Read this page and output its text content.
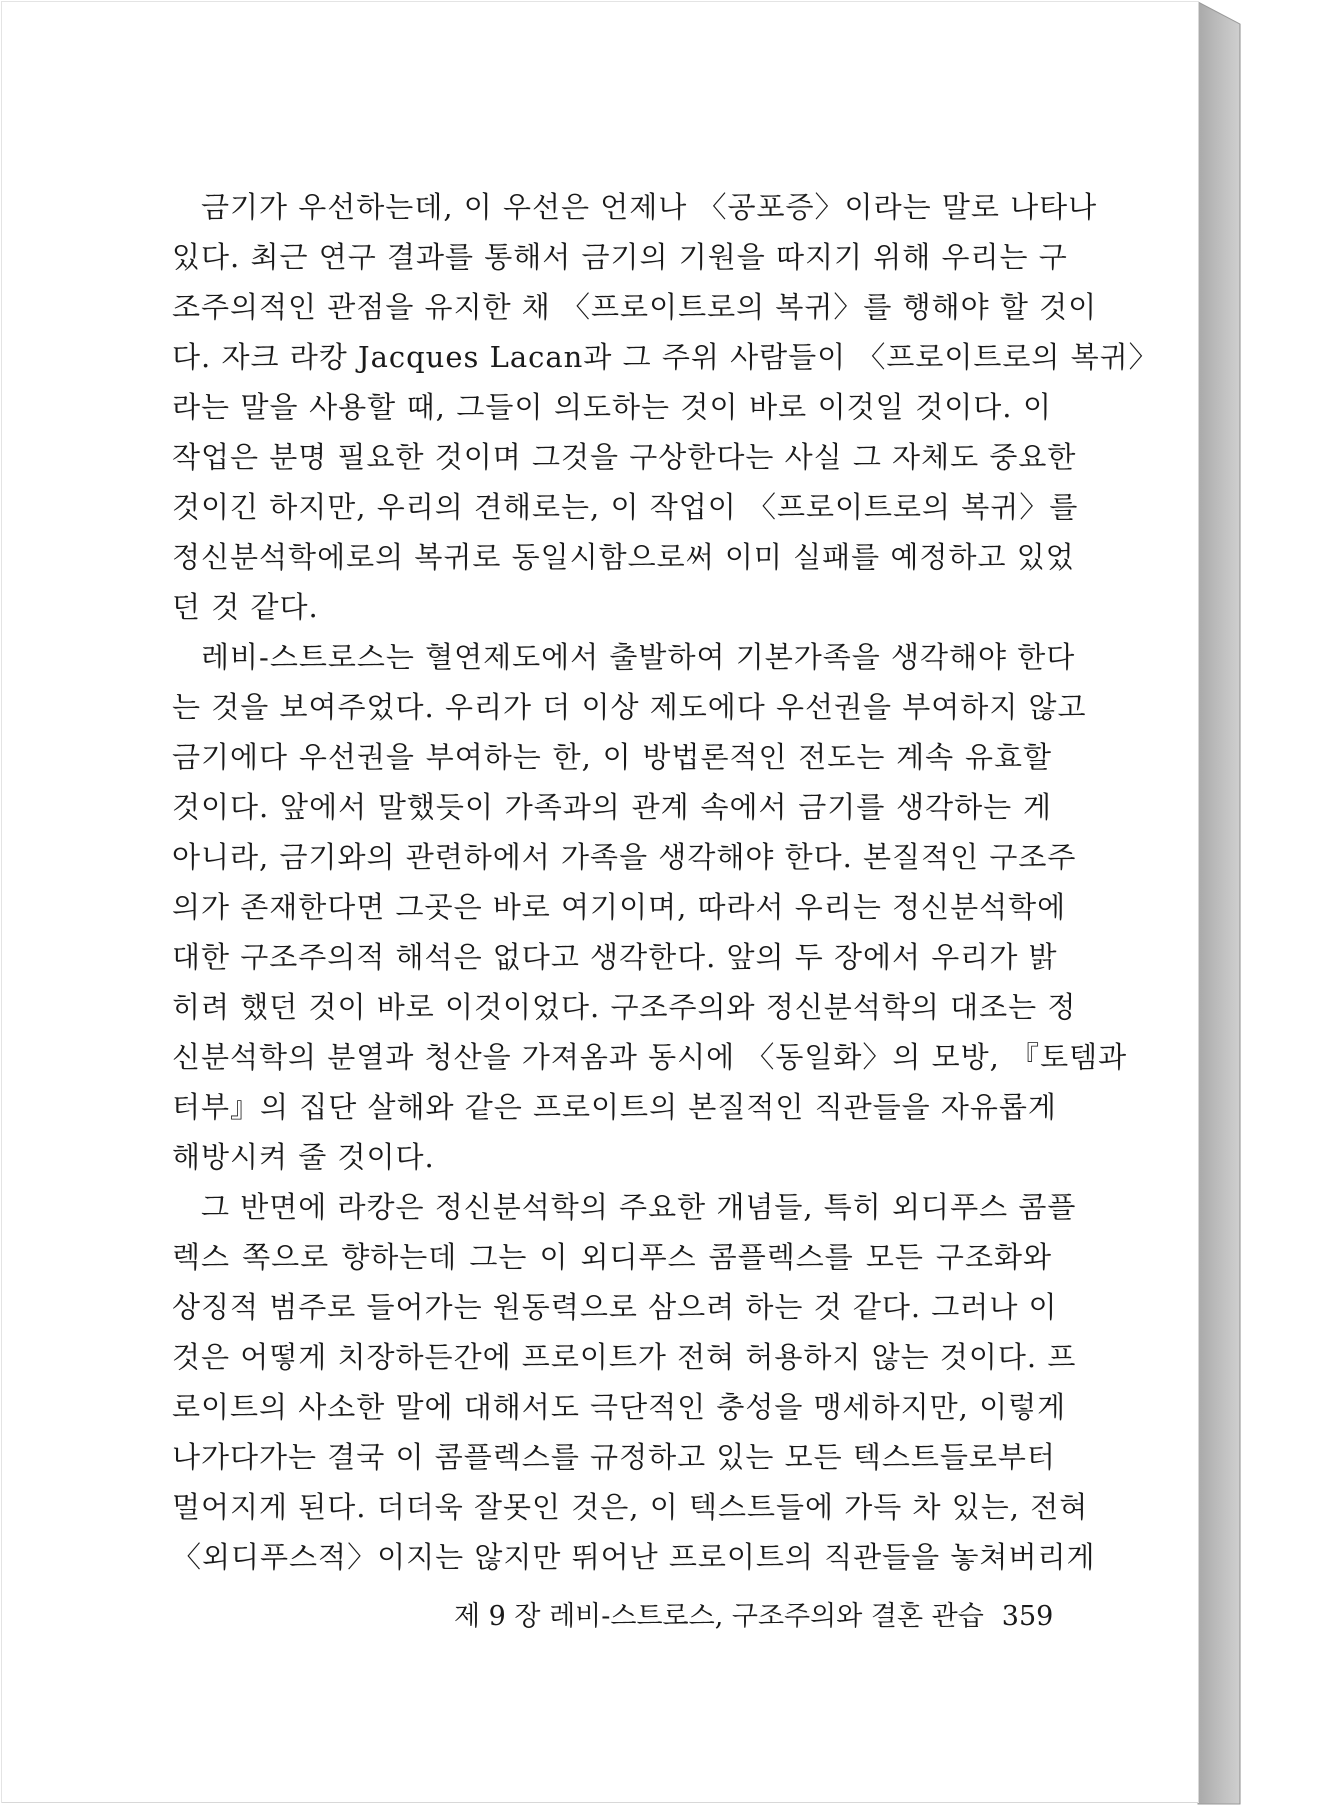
금기가 우선하는데, 이 우선은 언제나 〈공포증〉이라는 말로 나타나
있다. 최근 연구 결과를 통해서 금기의 기원을 따지기 위해 우리는 구
조주의적인 관점을 유지한 채 〈프로이트로의 복귀〉를 행해야 할 것이
다. 자크 라캉 Jacques Lacan과 그 주위 사람들이 〈프로이트로의 복귀〉
라는 말을 사용할 때, 그들이 의도하는 것이 바로 이것일 것이다. 이
작업은 분명 필요한 것이며 그것을 구상한다는 사실 그 자체도 중요한
것이긴 하지만, 우리의 견해로는, 이 작업이 〈프로이트로의 복귀〉를
정신분석학에로의 복귀로 동일시함으로써 이미 실패를 예정하고 있었
던 것 같다.
레비-스트로스는 혈연제도에서 출발하여 기본가족을 생각해야 한다
는 것을 보여주었다. 우리가 더 이상 제도에다 우선권을 부여하지 않고
금기에다 우선권을 부여하는 한, 이 방법론적인 전도는 계속 유효할
것이다. 앞에서 말했듯이 가족과의 관계 속에서 금기를 생각하는 게
아니라, 금기와의 관련하에서 가족을 생각해야 한다. 본질적인 구조주
의가 존재한다면 그곳은 바로 여기이며, 따라서 우리는 정신분석학에
대한 구조주의적 해석은 없다고 생각한다. 앞의 두 장에서 우리가 밝
히려 했던 것이 바로 이것이었다. 구조주의와 정신분석학의 대조는 정
신분석학의 분열과 청산을 가져옴과 동시에 〈동일화〉의 모방, 『토템과
터부』의 집단 살해와 같은 프로이트의 본질적인 직관들을 자유롭게
해방시켜 줄 것이다.
그 반면에 라캉은 정신분석학의 주요한 개념들, 특히 외디푸스 콤플
렉스 쪽으로 향하는데 그는 이 외디푸스 콤플렉스를 모든 구조화와
상징적 범주로 들어가는 원동력으로 삼으려 하는 것 같다. 그러나 이
것은 어떻게 치장하든간에 프로이트가 전혀 허용하지 않는 것이다. 프
로이트의 사소한 말에 대해서도 극단적인 충성을 맹세하지만, 이렇게
나가다가는 결국 이 콤플렉스를 규정하고 있는 모든 텍스트들로부터
멀어지게 된다. 더더욱 잘못인 것은, 이 텍스트들에 가득 차 있는, 전혀
〈외디푸스적〉이지는 않지만 뛰어난 프로이트의 직관들을 놓쳐버리게
제 9 장 레비-스트로스, 구조주의와 결혼 관습 359
